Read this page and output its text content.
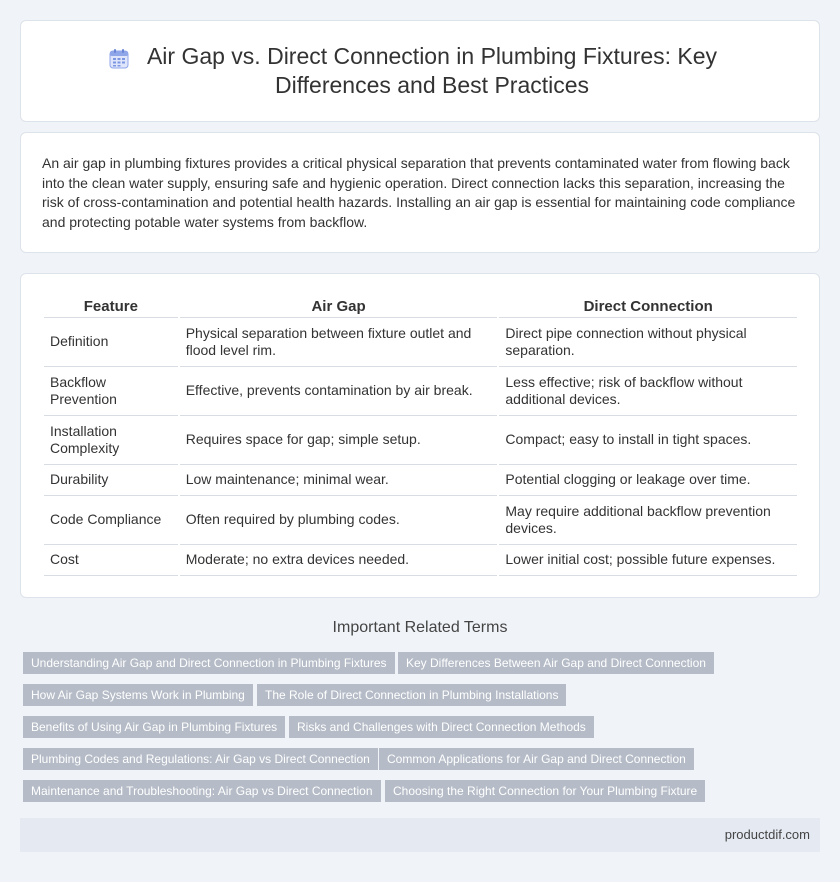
Air Gap vs. Direct Connection in Plumbing Fixtures: Key Differences and Best Practices

An air gap in plumbing fixtures provides a critical physical separation that prevents contaminated water from flowing back into the clean water supply, ensuring safe and hygienic operation. Direct connection lacks this separation, increasing the risk of cross-contamination and potential health hazards. Installing an air gap is essential for maintaining code compliance and protecting potable water systems from backflow.

Feature	Air Gap	Direct Connection
Definition	Physical separation between fixture outlet and flood level rim.	Direct pipe connection without physical separation.
Backflow Prevention	Effective, prevents contamination by air break.	Less effective; risk of backflow without additional devices.
Installation Complexity	Requires space for gap; simple setup.	Compact; easy to install in tight spaces.
Durability	Low maintenance; minimal wear.	Potential clogging or leakage over time.
Code Compliance	Often required by plumbing codes.	May require additional backflow prevention devices.
Cost	Moderate; no extra devices needed.	Lower initial cost; possible future expenses.
Important Related Terms
Understanding Air Gap and Direct Connection in Plumbing Fixtures	Key Differences Between Air Gap and Direct Connection
How Air Gap Systems Work in Plumbing	The Role of Direct Connection in Plumbing Installations
Benefits of Using Air Gap in Plumbing Fixtures	Risks and Challenges with Direct Connection Methods
Plumbing Codes and Regulations: Air Gap vs Direct Connection	Common Applications for Air Gap and Direct Connection
Maintenance and Troubleshooting: Air Gap vs Direct Connection	Choosing the Right Connection for Your Plumbing Fixture
productdif.com
